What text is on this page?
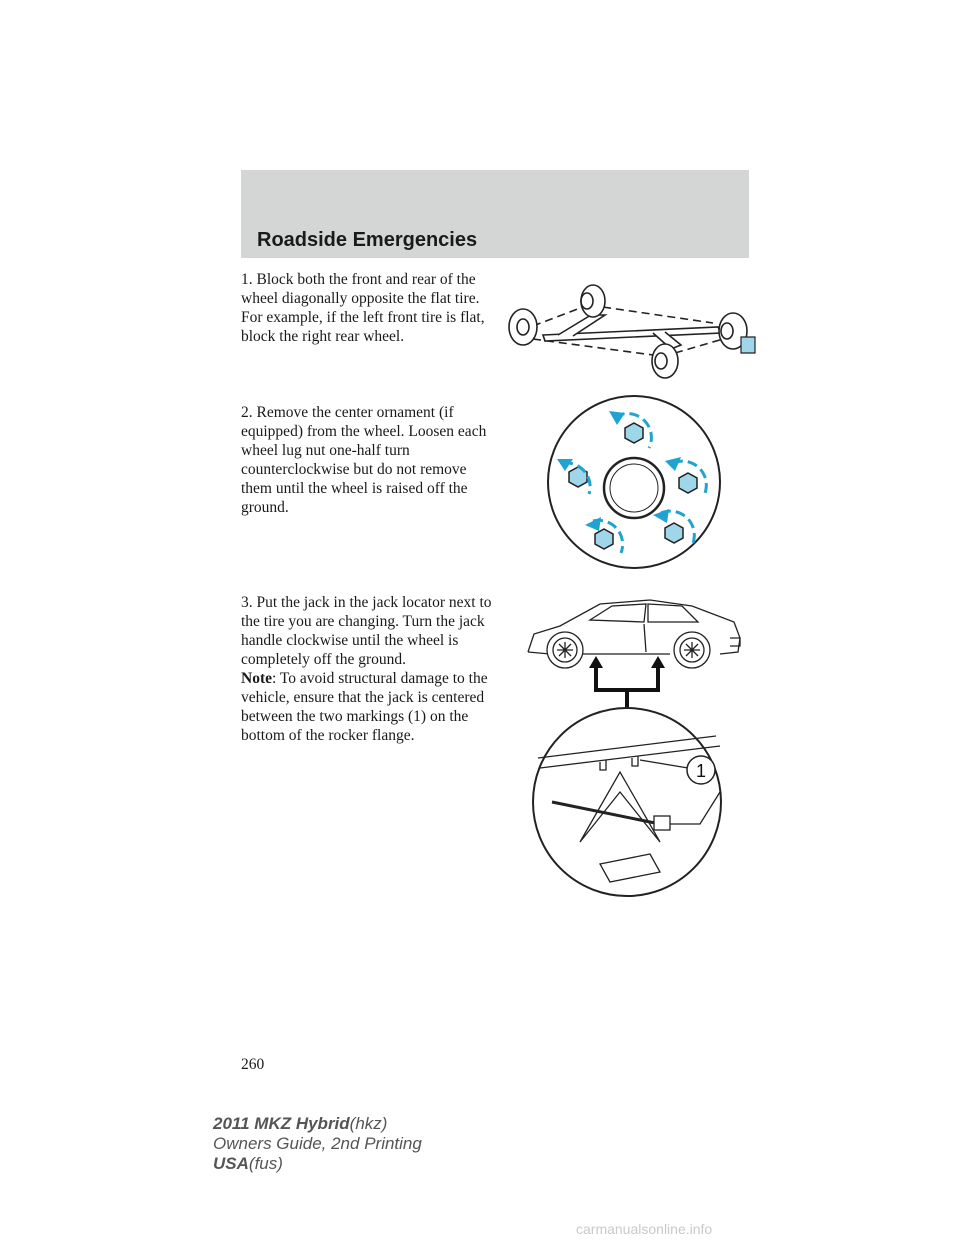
Roadside Emergencies
1. Block both the front and rear of the wheel diagonally opposite the flat tire. For example, if the left front tire is flat, block the right rear wheel.
2. Remove the center ornament (if equipped) from the wheel. Loosen each wheel lug nut one-half turn counterclockwise but do not remove them until the wheel is raised off the ground.
3. Put the jack in the jack locator next to the tire you are changing. Turn the jack handle clockwise until the wheel is completely off the ground.
Note: To avoid structural damage to the vehicle, ensure that the jack is centered between the two markings (1) on the bottom of the rocker flange.
1
260
2011 MKZ Hybrid(hkz)
Owners Guide, 2nd Printing
USA(fus)
carmanualsonline.info
